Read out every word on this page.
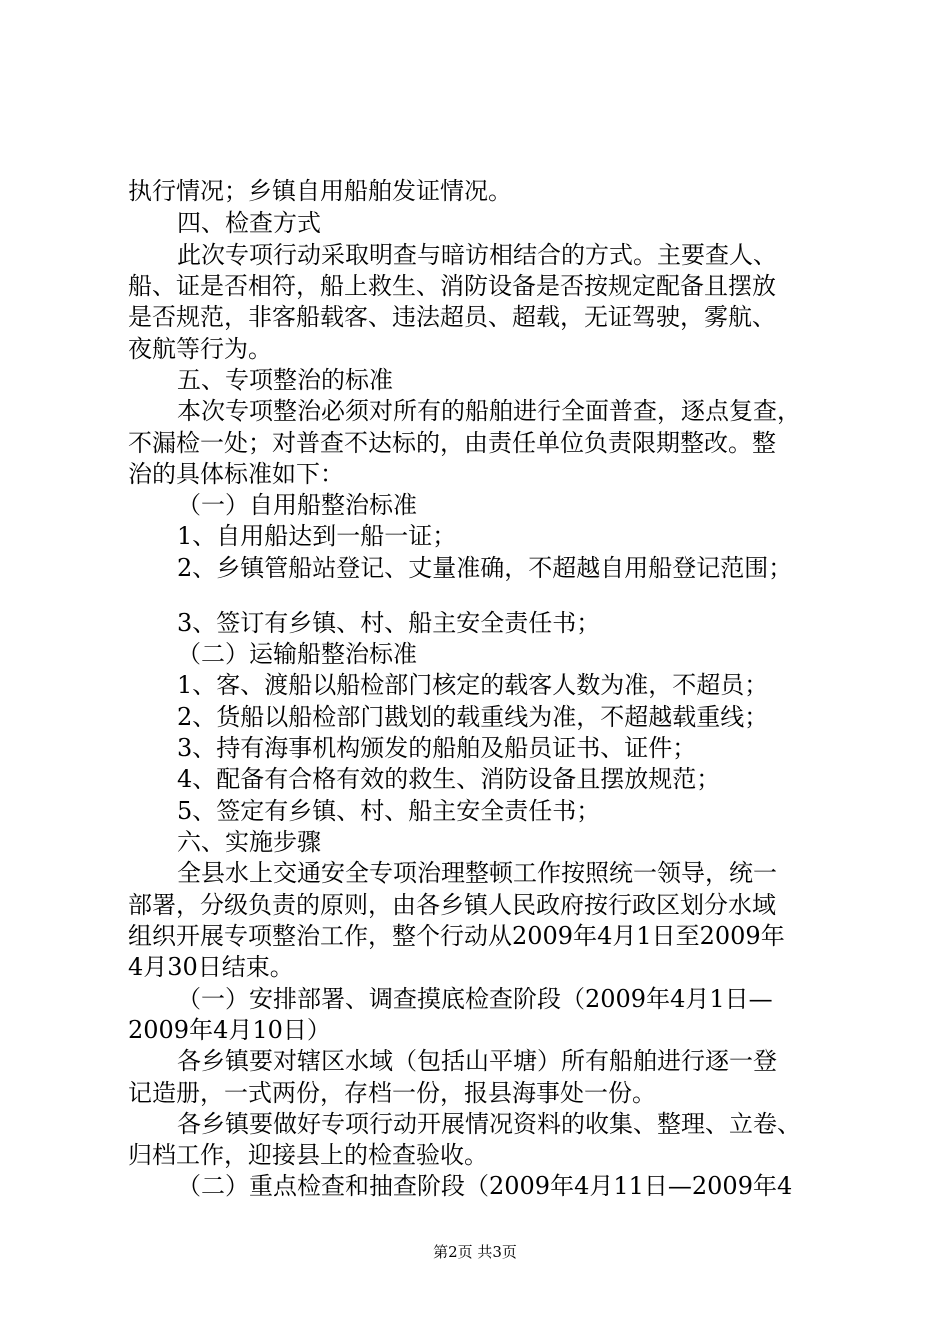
执行情况；乡镇自用船舶发证情况。
四、检查方式
此次专项行动采取明查与暗访相结合的方式。主要查人、
船、证是否相符，船上救生、消防设备是否按规定配备且摆放
是否规范，非客船载客、违法超员、超载，无证驾驶，雾航、
夜航等行为。
五、专项整治的标准
本次专项整治必须对所有的船舶进行全面普查，逐点复查，
不漏检一处；对普查不达标的，由责任单位负责限期整改。整
治的具体标准如下：
（一）自用船整治标准
1、自用船达到一船一证；
2、乡镇管船站登记、丈量准确，不超越自用船登记范围；
3、签订有乡镇、村、船主安全责任书；
（二）运输船整治标准
1、客、渡船以船检部门核定的载客人数为准，不超员；
2、货船以船检部门戡划的载重线为准，不超越载重线；
3、持有海事机构颁发的船舶及船员证书、证件；
4、配备有合格有效的救生、消防设备且摆放规范；
5、签定有乡镇、村、船主安全责任书；
六、实施步骤
全县水上交通安全专项治理整顿工作按照统一领导，统一
部署，分级负责的原则，由各乡镇人民政府按行政区划分水域
组织开展专项整治工作，整个行动从2009年4月1日至2009年
4月30日结束。
（一）安排部署、调查摸底检查阶段（2009年4月1日—
2009年4月10日）
各乡镇要对辖区水域（包括山平塘）所有船舶进行逐一登
记造册，一式两份，存档一份，报县海事处一份。
各乡镇要做好专项行动开展情况资料的收集、整理、立卷、
归档工作，迎接县上的检查验收。
（二）重点检查和抽查阶段（2009年4月11日—2009年4
第2页 共3页
